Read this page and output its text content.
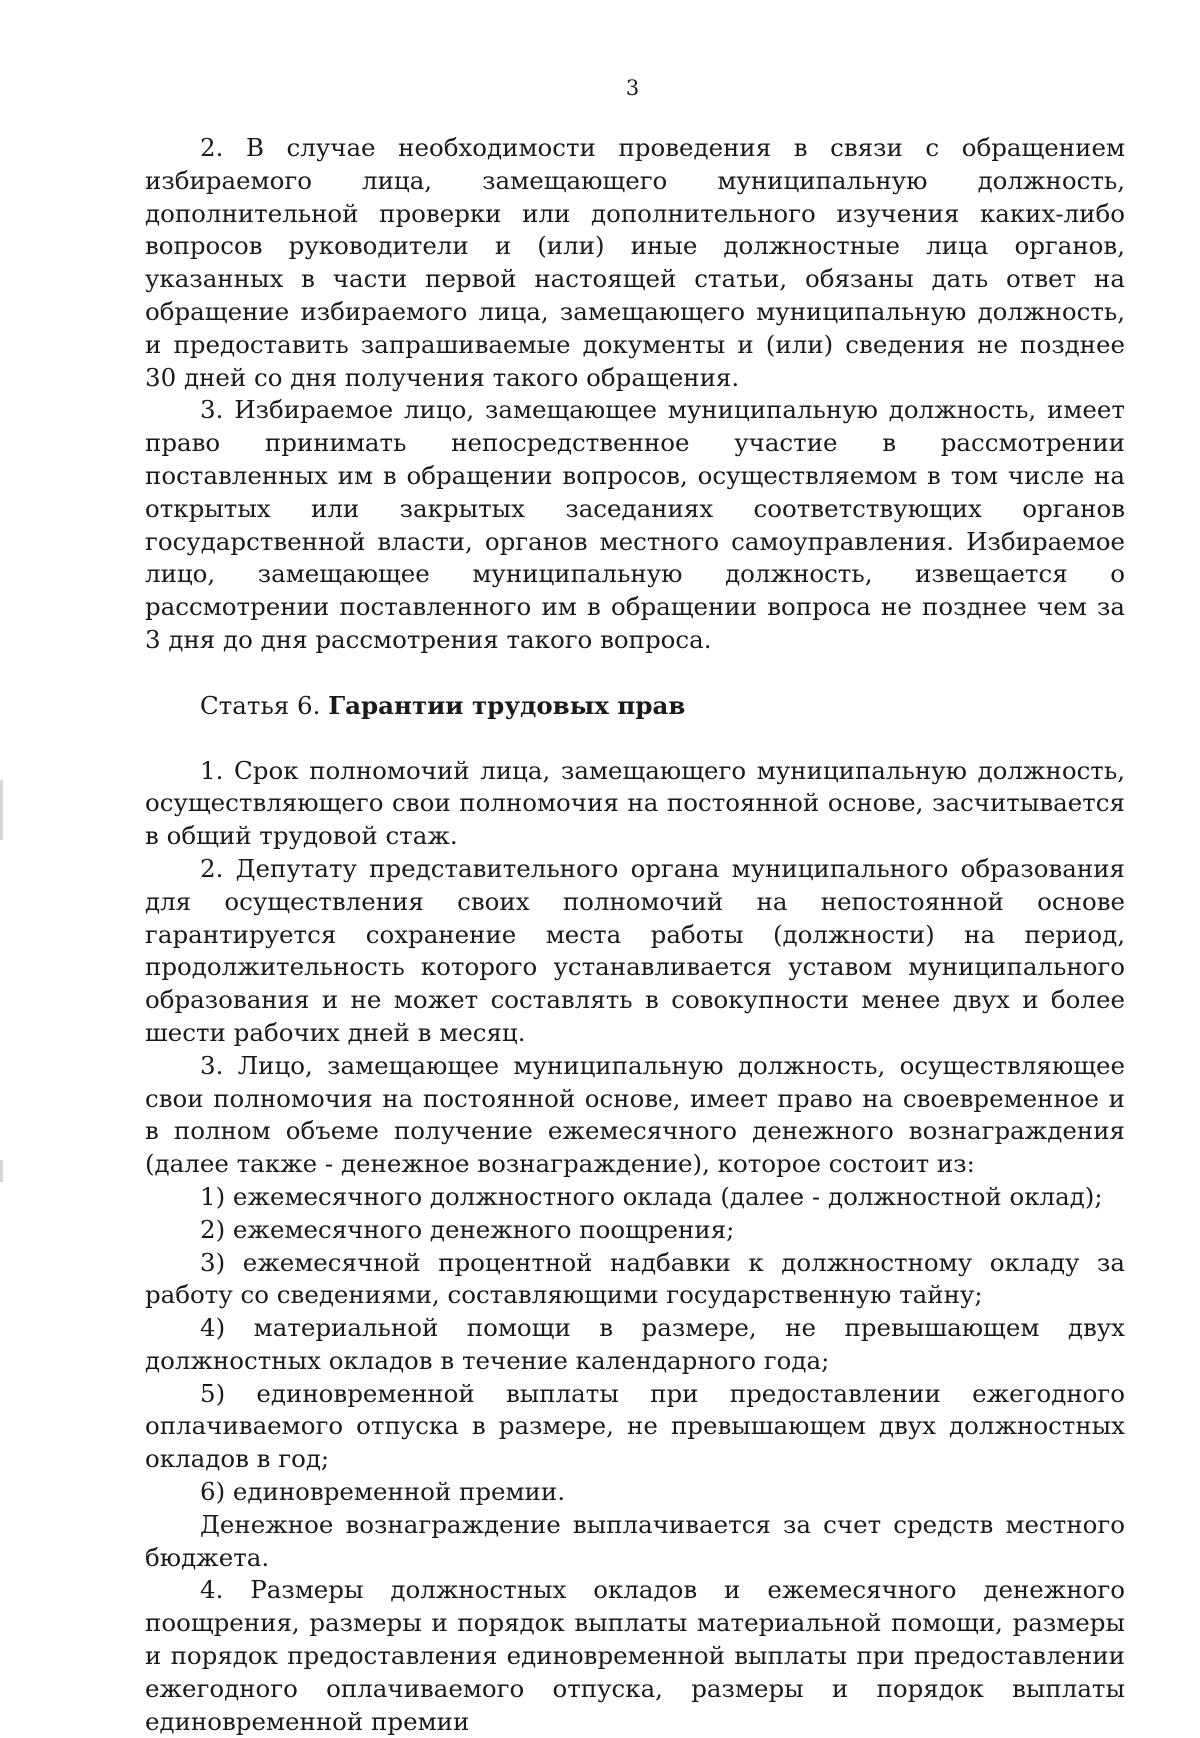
3

2. В случае необходимости проведения в связи с обращением избираемого лица, замещающего муниципальную должность, дополнительной проверки или дополнительного изучения каких-либо вопросов руководители и (или) иные должностные лица органов, указанных в части первой настоящей статьи, обязаны дать ответ на обращение избираемого лица, замещающего муниципальную должность, и предоставить запрашиваемые документы и (или) сведения не позднее 30 дней со дня получения такого обращения.

3. Избираемое лицо, замещающее муниципальную должность, имеет право принимать непосредственное участие в рассмотрении поставленных им в обращении вопросов, осуществляемом в том числе на открытых или закрытых заседаниях соответствующих органов государственной власти, органов местного самоуправления. Избираемое лицо, замещающее муниципальную должность, извещается о рассмотрении поставленного им в обращении вопроса не позднее чем за 3 дня до дня рассмотрения такого вопроса.

Статья 6. Гарантии трудовых прав

1. Срок полномочий лица, замещающего муниципальную должность, осуществляющего свои полномочия на постоянной основе, засчитывается в общий трудовой стаж.

2. Депутату представительного органа муниципального образования для осуществления своих полномочий на непостоянной основе гарантируется сохранение места работы (должности) на период, продолжительность которого устанавливается уставом муниципального образования и не может составлять в совокупности менее двух и более шести рабочих дней в месяц.

3. Лицо, замещающее муниципальную должность, осуществляющее свои полномочия на постоянной основе, имеет право на своевременное и в полном объеме получение ежемесячного денежного вознаграждения (далее также - денежное вознаграждение), которое состоит из:

1) ежемесячного должностного оклада (далее - должностной оклад);

2) ежемесячного денежного поощрения;

3) ежемесячной процентной надбавки к должностному окладу за работу со сведениями, составляющими государственную тайну;

4) материальной помощи в размере, не превышающем двух должностных окладов в течение календарного года;

5) единовременной выплаты при предоставлении ежегодного оплачиваемого отпуска в размере, не превышающем двух должностных окладов в год;

6) единовременной премии.

Денежное вознаграждение выплачивается за счет средств местного бюджета.

4. Размеры должностных окладов и ежемесячного денежного поощрения, размеры и порядок выплаты материальной помощи, размеры и порядок предоставления единовременной выплаты при предоставлении ежегодного оплачиваемого отпуска, размеры и порядок выплаты единовременной премии
